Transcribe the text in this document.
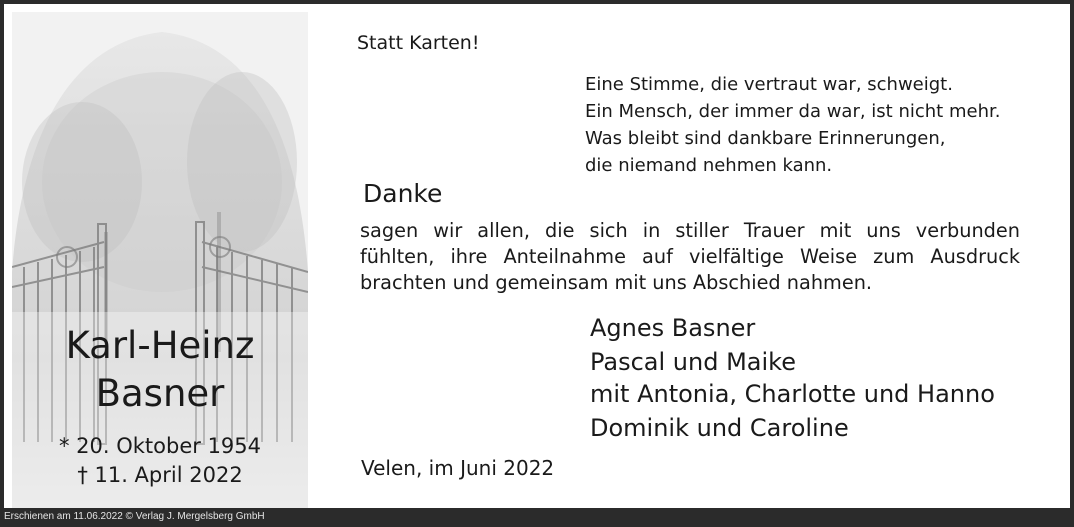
Karl-Heinz
Basner
* 20. Oktober 1954
† 11. April 2022
Statt Karten!
Eine Stimme, die vertraut war, schweigt.
Ein Mensch, der immer da war, ist nicht mehr.
Was bleibt sind dankbare Erinnerungen,
die niemand nehmen kann.
Danke
sagen wir allen, die sich in stiller Trauer mit uns verbunden
fühlten, ihre Anteilnahme auf vielfältige Weise zum Ausdruck
brachten und gemeinsam mit uns Abschied nahmen.
Agnes Basner
Pascal und Maike
mit Antonia, Charlotte und Hanno
Dominik und Caroline
Velen, im Juni 2022
Erschienen am 11.06.2022 © Verlag J. Mergelsberg GmbH
